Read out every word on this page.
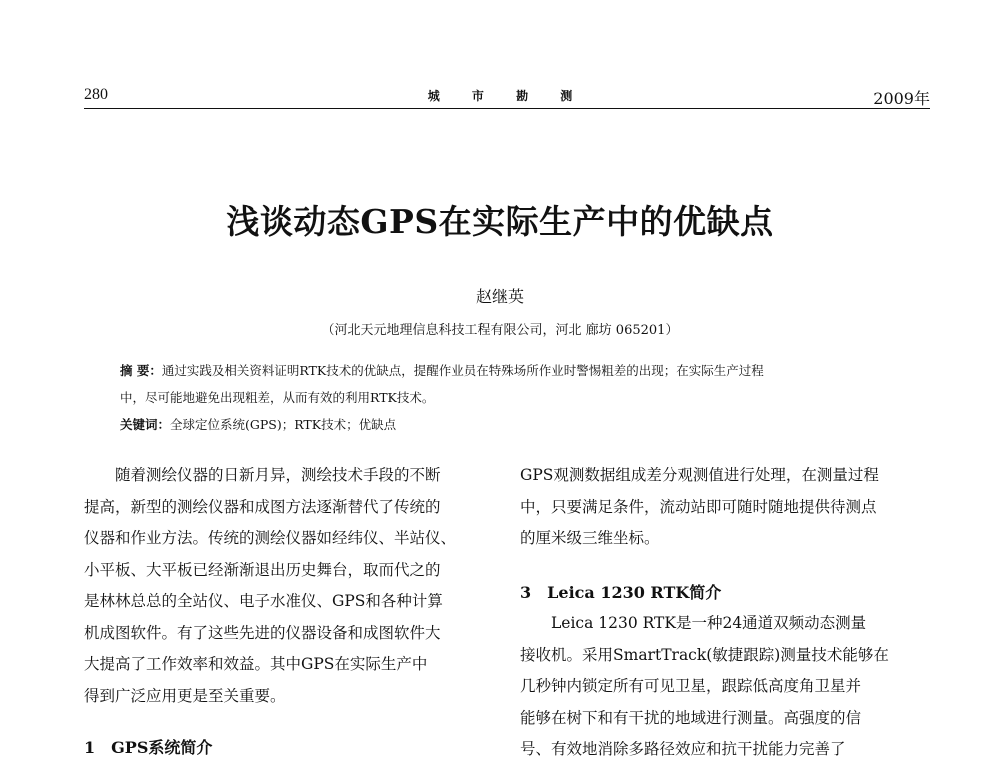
280	城 市 勘 测	2009年
浅谈动态GPS在实际生产中的优缺点
赵继英
（河北天元地理信息科技工程有限公司，河北 廊坊 065201）
摘 要：通过实践及相关资料证明RTK技术的优缺点，提醒作业员在特殊场所作业时警惕粗差的出现；在实际生产过程
中，尽可能地避免出现粗差，从而有效的利用RTK技术。
关键词：全球定位系统(GPS)；RTK技术；优缺点
随着测绘仪器的日新月异，测绘技术手段的不断
提高，新型的测绘仪器和成图方法逐渐替代了传统的
仪器和作业方法。传统的测绘仪器如经纬仪、半站仪、
小平板、大平板已经渐渐退出历史舞台，取而代之的
是林林总总的全站仪、电子水准仪、GPS和各种计算
机成图软件。有了这些先进的仪器设备和成图软件大
大提高了工作效率和效益。其中GPS在实际生产中
得到广泛应用更是至关重要。
1　GPS系统简介
GPS观测数据组成差分观测值进行处理，在测量过程
中，只要满足条件，流动站即可随时随地提供待测点
的厘米级三维坐标。
3　Leica 1230 RTK简介
Leica 1230 RTK是一种24通道双频动态测量
接收机。采用SmartTrack(敏捷跟踪)测量技术能够在
几秒钟内锁定所有可见卫星，跟踪低高度角卫星并
能够在树下和有干扰的地域进行测量。高强度的信
号、有效地消除多路径效应和抗干扰能力完善了
